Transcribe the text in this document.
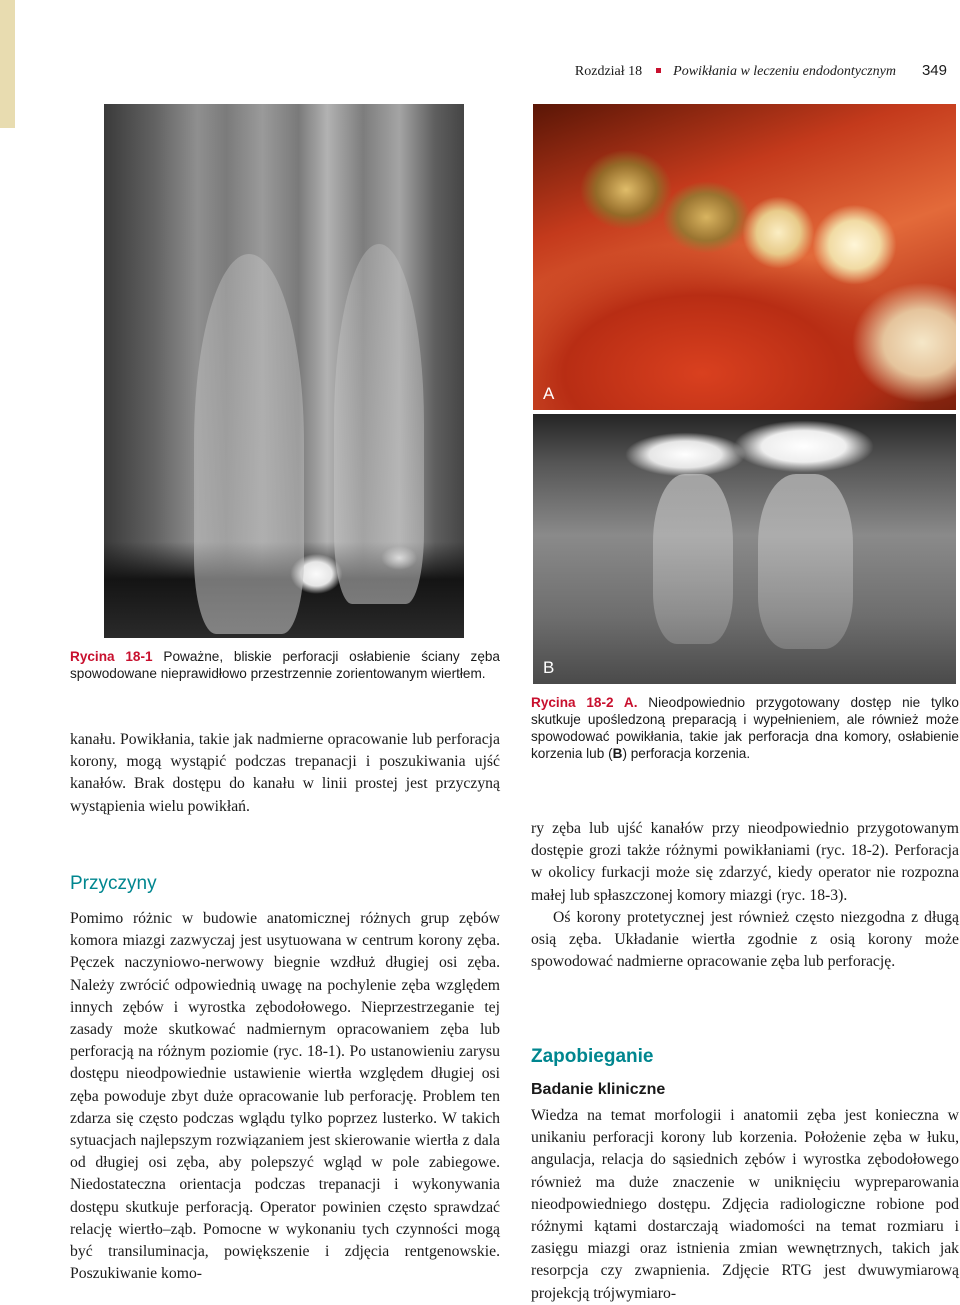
Rozdział 18 Powikłania w leczeniu endodontycznym 349
A
B
Rycina 18-1 Poważne, bliskie perforacji osłabienie ściany zęba spowodowane nieprawidłowo przestrzennie zorientowanym wiertłem.
Rycina 18-2 A. Nieodpowiednio przygotowany dostęp nie tylko skutkuje upośledzoną preparacją i wypełnieniem, ale również może spowodować powikłania, takie jak perforacja dna komory, osłabienie korzenia lub (B) perforacja korzenia.

kanału. Powikłania, takie jak nadmierne opracowanie lub perforacja korony, mogą wystąpić podczas trepanacji i poszukiwania ujść kanałów. Brak dostępu do kanału w linii prostej jest przyczyną wystąpienia wielu powikłań.

Przyczyny

Pomimo różnic w budowie anatomicznej różnych grup zębów komora miazgi zazwyczaj jest usytuowana w centrum korony zęba. Pęczek naczyniowo-nerwowy biegnie wzdłuż długiej osi zęba. Należy zwrócić odpowiednią uwagę na pochylenie zęba względem innych zębów i wyrostka zębodołowego. Nieprzestrzeganie tej zasady może skutkować nadmiernym opracowaniem zęba lub perforacją na różnym poziomie (ryc. 18-1). Po ustanowieniu zarysu dostępu nieodpowiednie ustawienie wiertła względem długiej osi zęba powoduje zbyt duże opracowanie lub perforację. Problem ten zdarza się często podczas wglądu tylko poprzez lusterko. W takich sytuacjach najlepszym rozwiązaniem jest skierowanie wiertła z dala od długiej osi zęba, aby polepszyć wgląd w pole zabiegowe. Niedostateczna orientacja podczas trepanacji i wykonywania dostępu skutkuje perforacją. Operator powinien często sprawdzać relację wiertło–ząb. Pomocne w wykonaniu tych czynności mogą być transiluminacja, powiększenie i zdjęcia rentgenowskie. Poszukiwanie komo-

ry zęba lub ujść kanałów przy nieodpowiednio przygotowanym dostępie grozi także różnymi powikłaniami (ryc. 18-2). Perforacja w okolicy furkacji może się zdarzyć, kiedy operator nie rozpozna małej lub spłaszczonej komory miazgi (ryc. 18-3).

Oś korony protetycznej jest również często niezgodna z długą osią zęba. Układanie wiertła zgodnie z osią korony może spowodować nadmierne opracowanie zęba lub perforację.

Zapobieganie
Badanie kliniczne

Wiedza na temat morfologii i anatomii zęba jest konieczna w unikaniu perforacji korony lub korzenia. Położenie zęba w łuku, angulacja, relacja do sąsiednich zębów i wyrostka zębodołowego również ma duże znaczenie w uniknięciu wypreparowania nieodpowiedniego dostępu. Zdjęcia radiologiczne robione pod różnymi kątami dostarczają wiadomości na temat rozmiaru i zasięgu miazgi oraz istnienia zmian wewnętrznych, takich jak resorpcja czy zwapnienia. Zdjęcie RTG jest dwuwymiarową projekcją trójwymiaro-
